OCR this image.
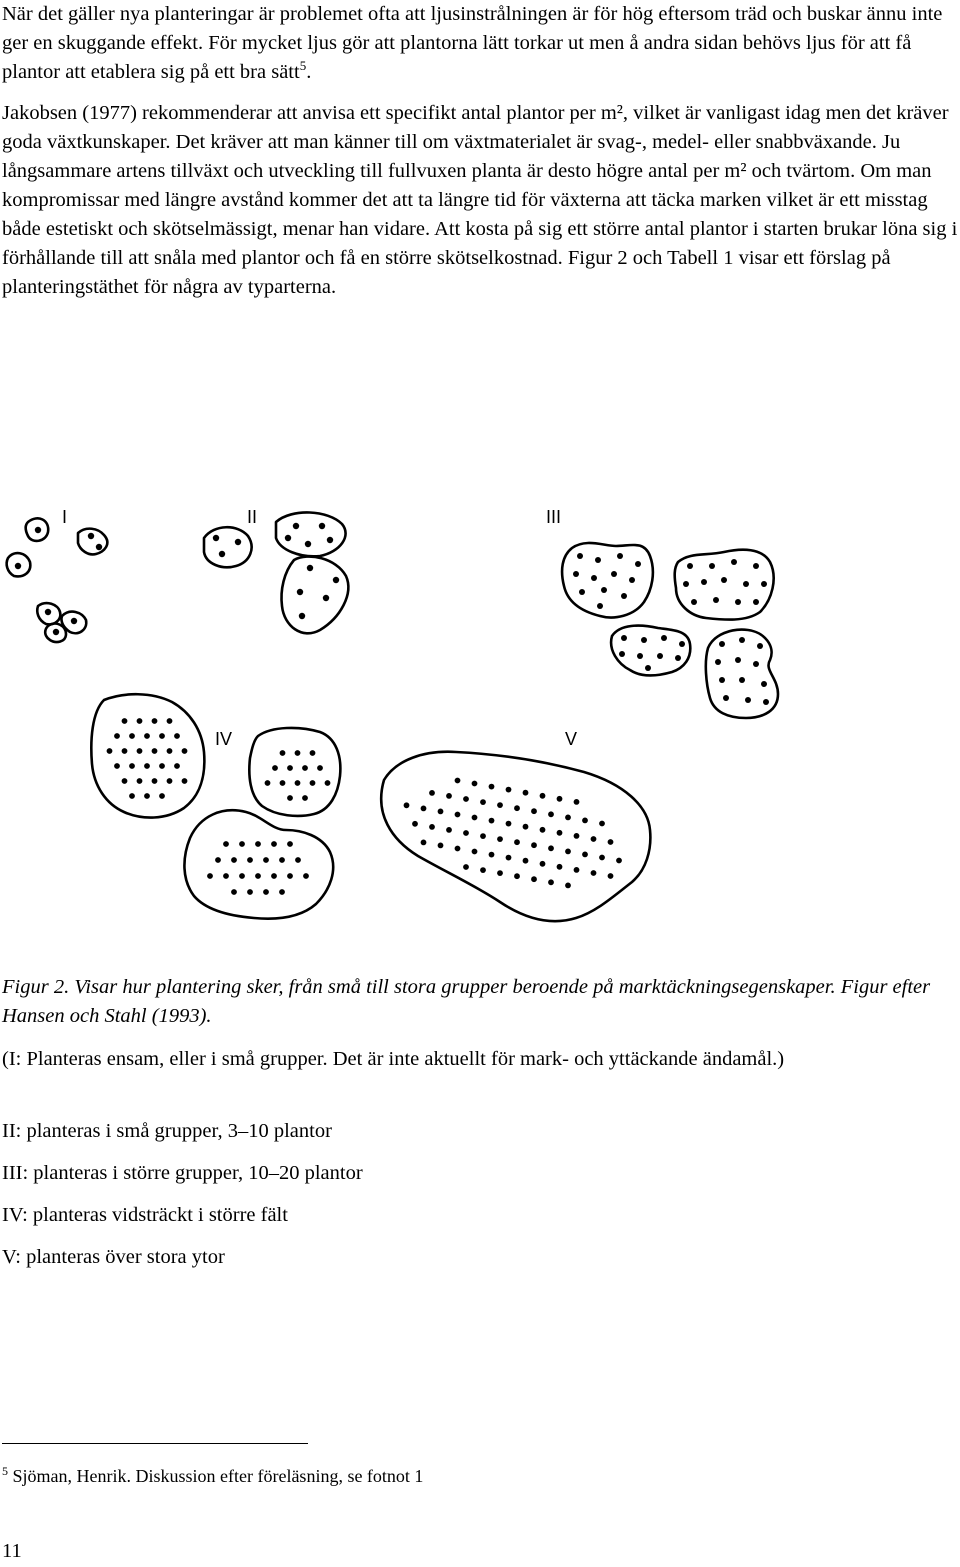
När det gäller nya planteringar är problemet ofta att ljusinstrålningen är för hög eftersom träd och buskar ännu inte ger en skuggande effekt. För mycket ljus gör att plantorna lätt torkar ut men å andra sidan behövs ljus för att få plantor att etablera sig på ett bra sätt$^5$.

Jakobsen (1977) rekommenderar att anvisa ett specifikt antal plantor per m², vilket är vanligast idag men det kräver goda växtkunskaper. Det kräver att man känner till om växtmaterialet är svag-, medel- eller snabbväxande. Ju långsammare artens tillväxt och utveckling till fullvuxen planta är desto högre antal per m² och tvärtom. Om man kompromissar med längre avstånd kommer det att ta längre tid för växterna att täcka marken vilket är ett misstag både estetiskt och skötselmässigt, menar han vidare. Att kosta på sig ett större antal plantor i starten brukar löna sig i förhållande till att snåla med plantor och få en större skötselkostnad. Figur 2 och Tabell 1 visar ett förslag på planteringstäthet för några av typarterna.

I	II	III
IV	V

Figur 2. Visar hur plantering sker, från små till stora grupper beroende på marktäckningsegenskaper. Figur efter Hansen och Stahl (1993).

(I: Planteras ensam, eller i små grupper. Det är inte aktuellt för mark- och yttäckande ändamål.)

II: planteras i små grupper, 3–10 plantor

III: planteras i större grupper, 10–20 plantor

IV: planteras vidsträckt i större fält

V: planteras över stora ytor

$^5$ Sjöman, Henrik. Diskussion efter föreläsning, se fotnot 1
11
